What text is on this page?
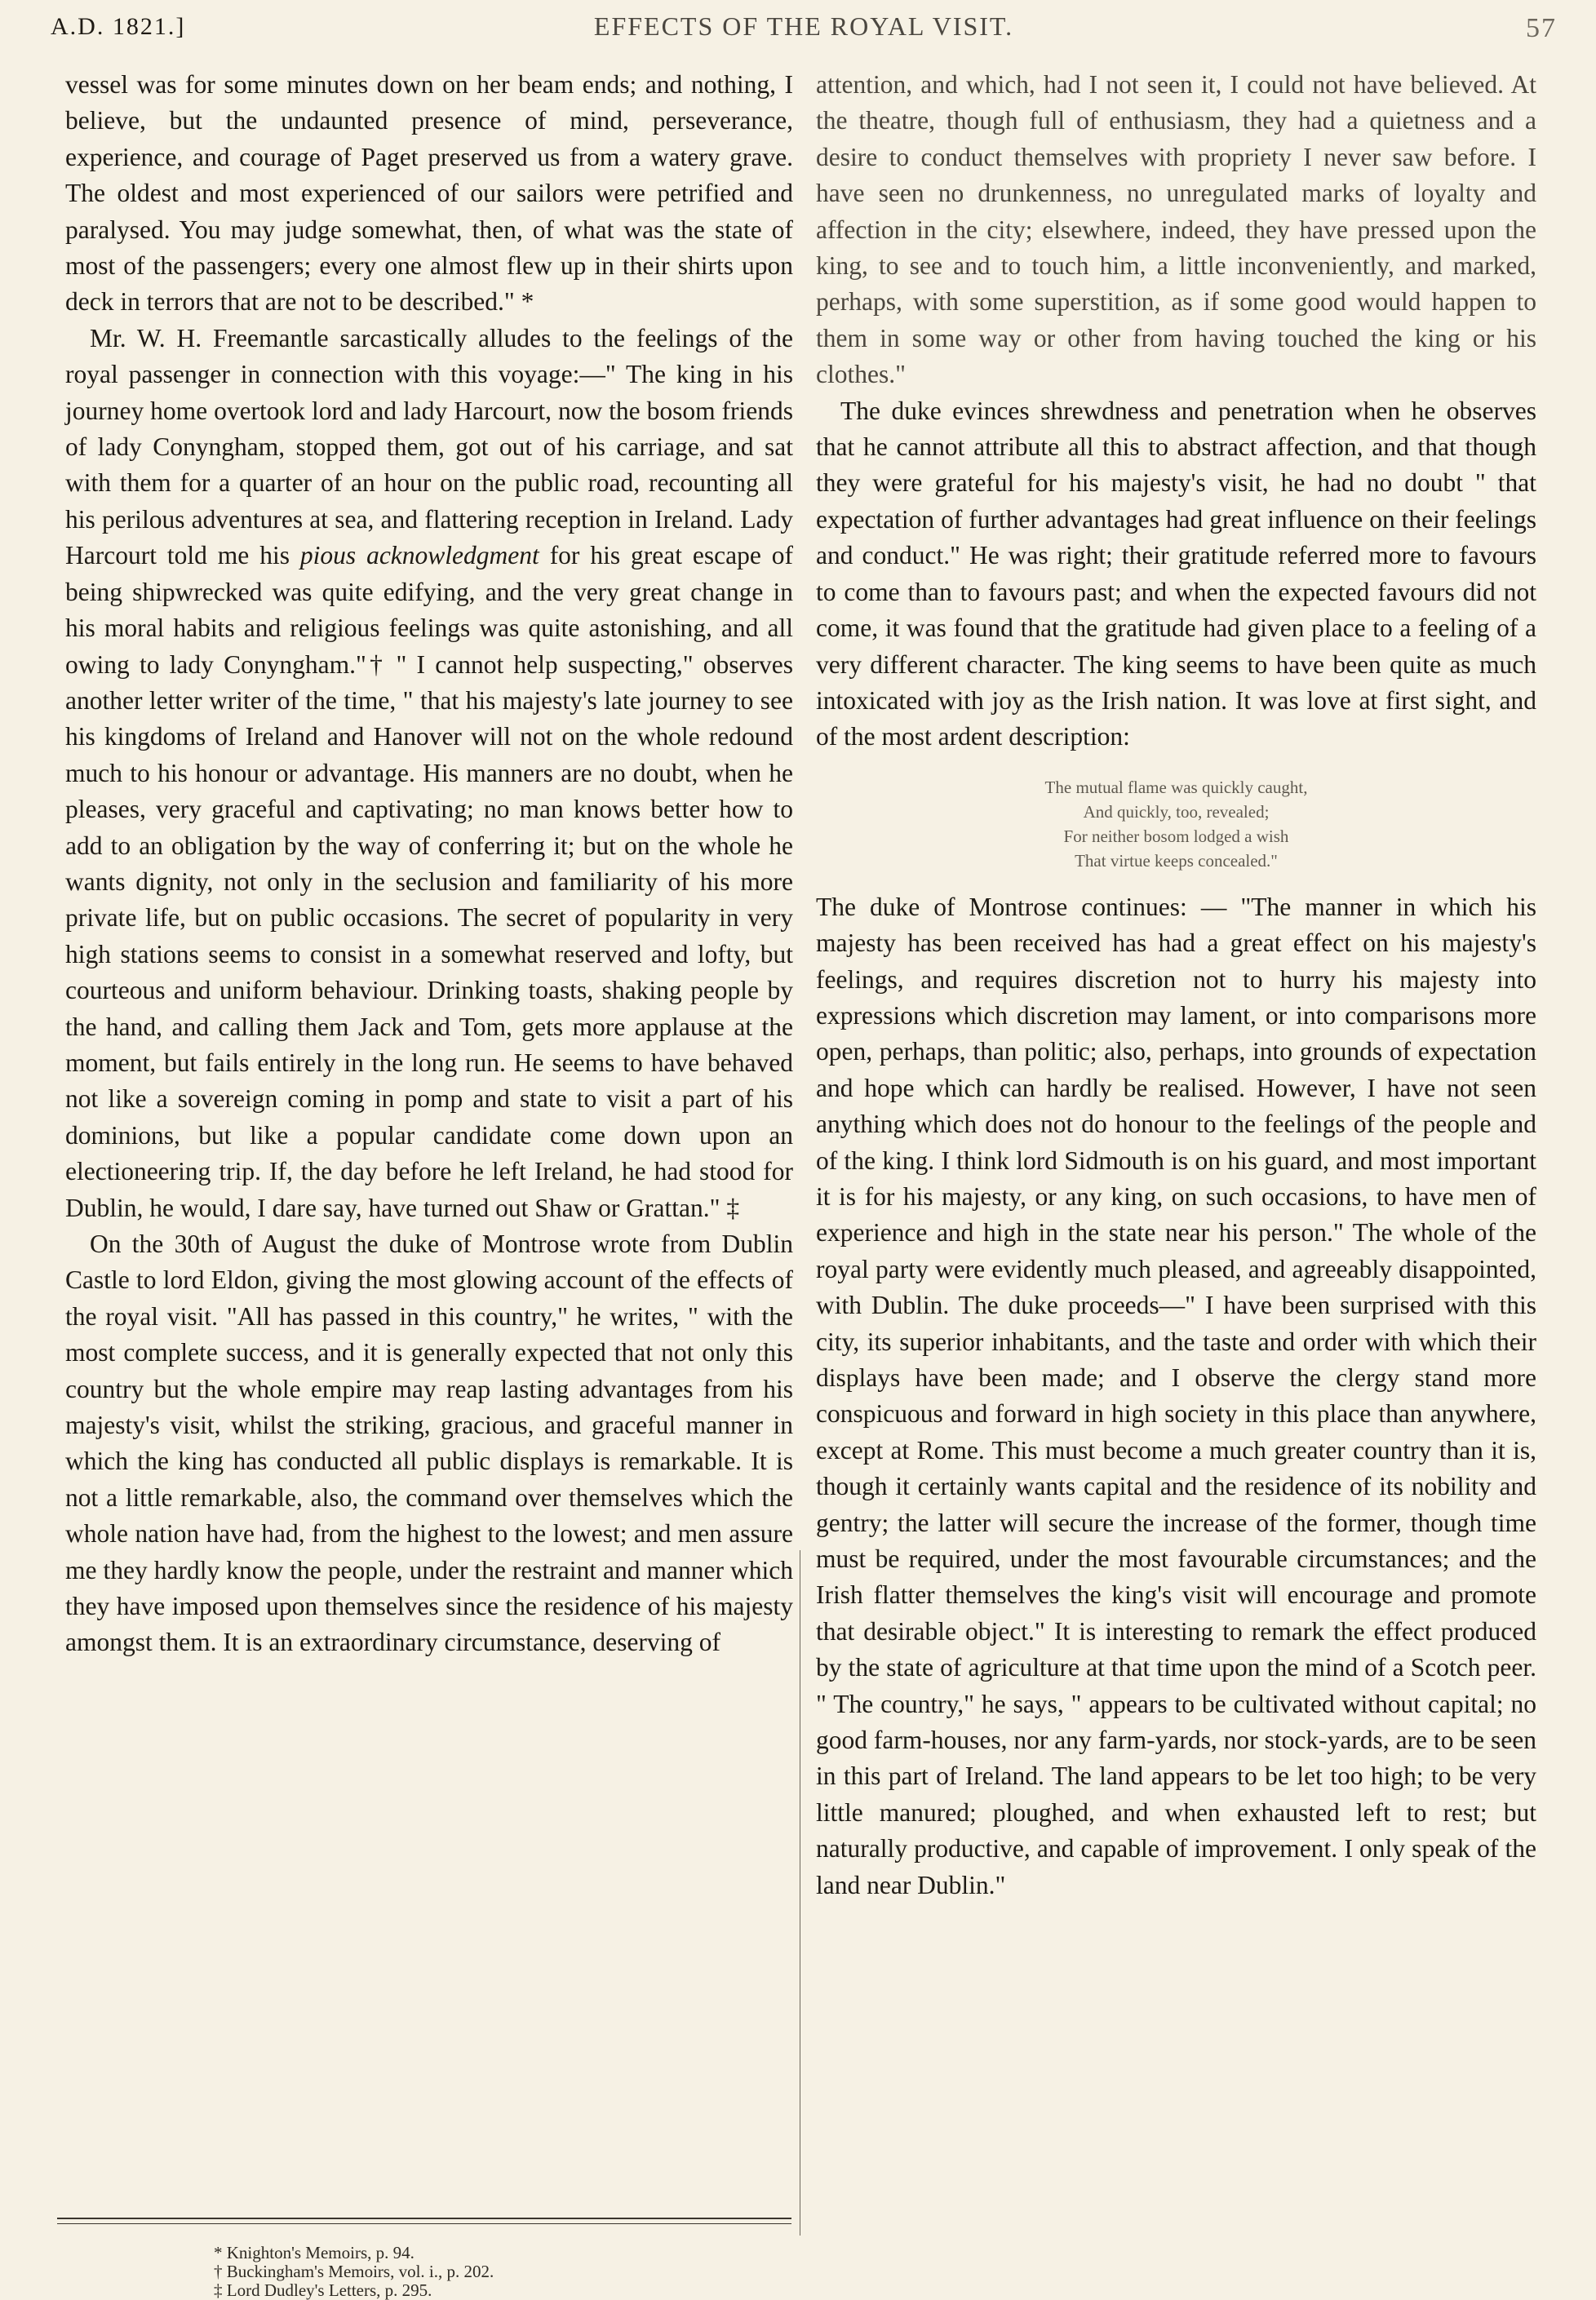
A.D. 1821.]	EFFECTS OF THE ROYAL VISIT.	57

vessel was for some minutes down on her beam ends; and nothing, I believe, but the undaunted presence of mind, perseverance, experience, and courage of Paget preserved us from a watery grave. The oldest and most experienced of our sailors were petrified and paralysed. You may judge somewhat, then, of what was the state of most of the passengers; every one almost flew up in their shirts upon deck in terrors that are not to be described." *

Mr. W. H. Freemantle sarcastically alludes to the feelings of the royal passenger in connection with this voyage:—" The king in his journey home overtook lord and lady Harcourt, now the bosom friends of lady Conyngham, stopped them, got out of his carriage, and sat with them for a quarter of an hour on the public road, recounting all his perilous adventures at sea, and flattering reception in Ireland. Lady Harcourt told me his pious acknowledgment for his great escape of being shipwrecked was quite edifying, and the very great change in his moral habits and religious feelings was quite astonishing, and all owing to lady Conyngham."† " I cannot help suspecting," observes another letter writer of the time, " that his majesty's late journey to see his kingdoms of Ireland and Hanover will not on the whole redound much to his honour or advantage. His manners are no doubt, when he pleases, very graceful and captivating; no man knows better how to add to an obligation by the way of conferring it; but on the whole he wants dignity, not only in the seclusion and familiarity of his more private life, but on public occasions. The secret of popularity in very high stations seems to consist in a somewhat reserved and lofty, but courteous and uniform behaviour. Drinking toasts, shaking people by the hand, and calling them Jack and Tom, gets more applause at the moment, but fails entirely in the long run. He seems to have behaved not like a sovereign coming in pomp and state to visit a part of his dominions, but like a popular candidate come down upon an electioneering trip. If, the day before he left Ireland, he had stood for Dublin, he would, I dare say, have turned out Shaw or Grattan." ‡

On the 30th of August the duke of Montrose wrote from Dublin Castle to lord Eldon, giving the most glowing account of the effects of the royal visit. "All has passed in this country," he writes, " with the most complete success, and it is generally expected that not only this country but the whole empire may reap lasting advantages from his majesty's visit, whilst the striking, gracious, and graceful manner in which the king has conducted all public displays is remarkable. It is not a little remarkable, also, the command over themselves which the whole nation have had, from the highest to the lowest; and men assure me they hardly know the people, under the restraint and manner which they have imposed upon themselves since the residence of his majesty amongst them. It is an extraordinary circumstance, deserving of

attention, and which, had I not seen it, I could not have believed. At the theatre, though full of enthusiasm, they had a quietness and a desire to conduct themselves with propriety I never saw before. I have seen no drunkenness, no unregulated marks of loyalty and affection in the city; elsewhere, indeed, they have pressed upon the king, to see and to touch him, a little inconveniently, and marked, perhaps, with some superstition, as if some good would happen to them in some way or other from having touched the king or his clothes."

The duke evinces shrewdness and penetration when he observes that he cannot attribute all this to abstract affection, and that though they were grateful for his majesty's visit, he had no doubt " that expectation of further advantages had great influence on their feelings and conduct." He was right; their gratitude referred more to favours to come than to favours past; and when the expected favours did not come, it was found that the gratitude had given place to a feeling of a very different character. The king seems to have been quite as much intoxicated with joy as the Irish nation. It was love at first sight, and of the most ardent description:

The mutual flame was quickly caught,
And quickly, too, revealed;
For neither bosom lodged a wish
That virtue keeps concealed."

The duke of Montrose continues: — "The manner in which his majesty has been received has had a great effect on his majesty's feelings, and requires discretion not to hurry his majesty into expressions which discretion may lament, or into comparisons more open, perhaps, than politic; also, perhaps, into grounds of expectation and hope which can hardly be realised. However, I have not seen anything which does not do honour to the feelings of the people and of the king. I think lord Sidmouth is on his guard, and most important it is for his majesty, or any king, on such occasions, to have men of experience and high in the state near his person." The whole of the royal party were evidently much pleased, and agreeably disappointed, with Dublin. The duke proceeds—" I have been surprised with this city, its superior inhabitants, and the taste and order with which their displays have been made; and I observe the clergy stand more conspicuous and forward in high society in this place than anywhere, except at Rome. This must become a much greater country than it is, though it certainly wants capital and the residence of its nobility and gentry; the latter will secure the increase of the former, though time must be required, under the most favourable circumstances; and the Irish flatter themselves the king's visit will encourage and promote that desirable object." It is interesting to remark the effect produced by the state of agriculture at that time upon the mind of a Scotch peer. " The country," he says, " appears to be cultivated without capital; no good farm-houses, nor any farm-yards, nor stock-yards, are to be seen in this part of Ireland. The land appears to be let too high; to be very little manured; ploughed, and when exhausted left to rest; but naturally productive, and capable of improvement. I only speak of the land near Dublin."

* Knighton's Memoirs, p. 94.
† Buckingham's Memoirs, vol. i., p. 202.
‡ Lord Dudley's Letters, p. 295.
